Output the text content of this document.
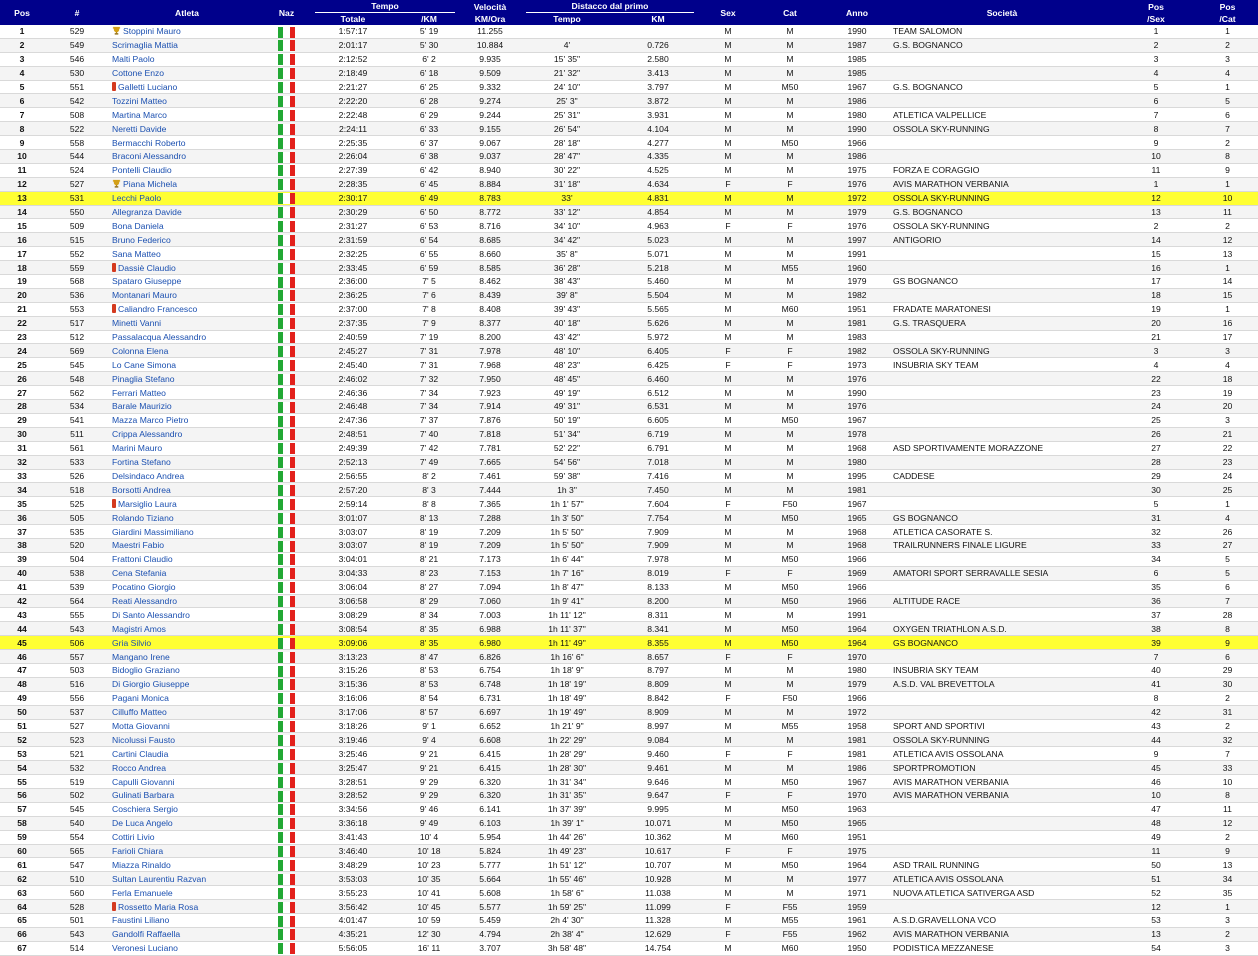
Pos	#	Atleta	Naz	Tempo		Velocità	Distacco dal primo		Sex	Cat	Anno	Società	Pos	Pos
				Totale	/KM	KM/Ora	Tempo	KM					/Sex	/Cat
1	529	Stoppini Mauro		1:57:17	5' 19	11.255			M	M	1990	TEAM SALOMON	1	1
2	549	Scrimaglia Mattia		2:01:17	5' 30	10.884	4'	0.726	M	M	1987	G.S. BOGNANCO	2	2
3	546	Malti Paolo		2:12:52	6' 2	9.935	15' 35"	2.580	M	M	1985		3	3
4	530	Cottone Enzo		2:18:49	6' 18	9.509	21' 32"	3.413	M	M	1985		4	4
5	551	Galletti Luciano		2:21:27	6' 25	9.332	24' 10"	3.797	M	M50	1967	G.S. BOGNANCO	5	1
6	542	Tozzini Matteo		2:22:20	6' 28	9.274	25' 3"	3.872	M	M	1986		6	5
7	508	Martina Marco		2:22:48	6' 29	9.244	25' 31"	3.931	M	M	1980	ATLETICA VALPELLICE	7	6
8	522	Neretti Davide		2:24:11	6' 33	9.155	26' 54"	4.104	M	M	1990	OSSOLA SKY-RUNNING	8	7
9	558	Bermacchi Roberto		2:25:35	6' 37	9.067	28' 18"	4.277	M	M50	1966		9	2
10	544	Braconi Alessandro		2:26:04	6' 38	9.037	28' 47"	4.335	M	M	1986		10	8
11	524	Pontelli Claudio		2:27:39	6' 42	8.940	30' 22"	4.525	M	M	1975	FORZA E CORAGGIO	11	9
12	527	Piana Michela		2:28:35	6' 45	8.884	31' 18"	4.634	F	F	1976	AVIS MARATHON VERBANIA	1	1
13	531	Lecchi Paolo		2:30:17	6' 49	8.783	33'	4.831	M	M	1972	OSSOLA SKY-RUNNING	12	10
14	550	Allegranza Davide		2:30:29	6' 50	8.772	33' 12"	4.854	M	M	1979	G.S. BOGNANCO	13	11
15	509	Bona Daniela		2:31:27	6' 53	8.716	34' 10"	4.963	F	F	1976	OSSOLA SKY-RUNNING	2	2
16	515	Bruno Federico		2:31:59	6' 54	8.685	34' 42"	5.023	M	M	1997	ANTIGORIO	14	12
17	552	Sana Matteo		2:32:25	6' 55	8.660	35' 8"	5.071	M	M	1991		15	13
18	559	Dassiè Claudio		2:33:45	6' 59	8.585	36' 28"	5.218	M	M55	1960		16	1
19	568	Spataro Giuseppe		2:36:00	7' 5	8.462	38' 43"	5.460	M	M	1979	GS BOGNANCO	17	14
20	536	Montanari Mauro		2:36:25	7' 6	8.439	39' 8"	5.504	M	M	1982		18	15
21	553	Caliandro Francesco		2:37:00	7' 8	8.408	39' 43"	5.565	M	M60	1951	FRADATE MARATONESI	19	1
22	517	Minetti Vanni		2:37:35	7' 9	8.377	40' 18"	5.626	M	M	1981	G.S. TRASQUERA	20	16
23	512	Passalacqua Alessandro		2:40:59	7' 19	8.200	43' 42"	5.972	M	M	1983		21	17
24	569	Colonna Elena		2:45:27	7' 31	7.978	48' 10"	6.405	F	F	1982	OSSOLA SKY-RUNNING	3	3
25	545	Lo Cane Simona		2:45:40	7' 31	7.968	48' 23"	6.425	F	F	1973	INSUBRIA SKY TEAM	4	4
26	548	Pinaglia Stefano		2:46:02	7' 32	7.950	48' 45"	6.460	M	M	1976		22	18
27	562	Ferrari Matteo		2:46:36	7' 34	7.923	49' 19"	6.512	M	M	1990		23	19
28	534	Barale Maurizio		2:46:48	7' 34	7.914	49' 31"	6.531	M	M	1976		24	20
29	541	Mazza Marco Pietro		2:47:36	7' 37	7.876	50' 19"	6.605	M	M50	1967		25	3
30	511	Crippa Alessandro		2:48:51	7' 40	7.818	51' 34"	6.719	M	M	1978		26	21
31	561	Marini Mauro		2:49:39	7' 42	7.781	52' 22"	6.791	M	M	1968	ASD SPORTIVAMENTE MORAZZONE	27	22
32	533	Fortina Stefano		2:52:13	7' 49	7.665	54' 56"	7.018	M	M	1980		28	23
33	526	Delsindaco Andrea		2:56:55	8' 2	7.461	59' 38"	7.416	M	M	1995	CADDESE	29	24
34	518	Borsotti Andrea		2:57:20	8' 3	7.444	1h 3"	7.450	M	M	1981		30	25
35	525	Marsiglio Laura		2:59:14	8' 8	7.365	1h 1' 57"	7.604	F	F50	1967		5	1
36	505	Rolando Tiziano		3:01:07	8' 13	7.288	1h 3' 50"	7.754	M	M50	1965	GS BOGNANCO	31	4
37	535	Giardini Massimiliano		3:03:07	8' 19	7.209	1h 5' 50"	7.909	M	M	1968	ATLETICA CASORATE S.	32	26
38	520	Maestri Fabio		3:03:07	8' 19	7.209	1h 5' 50"	7.909	M	M	1968	TRAILRUNNERS FINALE LIGURE	33	27
39	504	Frattoni Claudio		3:04:01	8' 21	7.173	1h 6' 44"	7.978	M	M50	1966		34	5
40	538	Cena Stefania		3:04:33	8' 23	7.153	1h 7' 16"	8.019	F	F	1969	AMATORI SPORT SERRAVALLE SESIA	6	5
41	539	Pocatino Giorgio		3:06:04	8' 27	7.094	1h 8' 47"	8.133	M	M50	1966		35	6
42	564	Reati Alessandro		3:06:58	8' 29	7.060	1h 9' 41"	8.200	M	M50	1966	ALTITUDE RACE	36	7
43	555	Di Santo Alessandro		3:08:29	8' 34	7.003	1h 11' 12"	8.311	M	M	1991		37	28
44	543	Magistri Amos		3:08:54	8' 35	6.988	1h 11' 37"	8.341	M	M50	1964	OXYGEN TRIATHLON A.S.D.	38	8
45	506	Gria Silvio		3:09:06	8' 35	6.980	1h 11' 49"	8.355	M	M50	1964	GS BOGNANCO	39	9
46	557	Mangano Irene		3:13:23	8' 47	6.826	1h 16' 6"	8.657	F	F	1970		7	6
47	503	Bidoglio Graziano		3:15:26	8' 53	6.754	1h 18' 9"	8.797	M	M	1980	INSUBRIA SKY TEAM	40	29
48	516	Di Giorgio Giuseppe		3:15:36	8' 53	6.748	1h 18' 19"	8.809	M	M	1979	A.S.D. VAL BREVETTOLA	41	30
49	556	Pagani Monica		3:16:06	8' 54	6.731	1h 18' 49"	8.842	F	F50	1966		8	2
50	537	Cilluffo Matteo		3:17:06	8' 57	6.697	1h 19' 49"	8.909	M	M	1972		42	31
51	527	Motta Giovanni		3:18:26	9' 1	6.652	1h 21' 9"	8.997	M	M55	1958	SPORT AND SPORTIVI	43	2
52	523	Nicolussi Fausto		3:19:46	9' 4	6.608	1h 22' 29"	9.084	M	M	1981	OSSOLA SKY-RUNNING	44	32
53	521	Cartini Claudia		3:25:46	9' 21	6.415	1h 28' 29"	9.460	F	F	1981	ATLETICA AVIS OSSOLANA	9	7
54	532	Rocco Andrea		3:25:47	9' 21	6.415	1h 28' 30"	9.461	M	M	1986	SPORTPROMOTION	45	33
55	519	Capulli Giovanni		3:28:51	9' 29	6.320	1h 31' 34"	9.646	M	M50	1967	AVIS MARATHON VERBANIA	46	10
56	502	Gulinati Barbara		3:28:52	9' 29	6.320	1h 31' 35"	9.647	F	F	1970	AVIS MARATHON VERBANIA	10	8
57	545	Coschiera Sergio		3:34:56	9' 46	6.141	1h 37' 39"	9.995	M	M50	1963		47	11
58	540	De Luca Angelo		3:36:18	9' 49	6.103	1h 39' 1"	10.071	M	M50	1965		48	12
59	554	Cottiri Livio		3:41:43	10' 4	5.954	1h 44' 26"	10.362	M	M60	1951		49	2
60	565	Farioli Chiara		3:46:40	10' 18	5.824	1h 49' 23"	10.617	F	F	1975		11	9
61	547	Miazza Rinaldo		3:48:29	10' 23	5.777	1h 51' 12"	10.707	M	M50	1964	ASD TRAIL RUNNING	50	13
62	510	Sultan Laurentiu Razvan		3:53:03	10' 35	5.664	1h 55' 46"	10.928	M	M	1977	ATLETICA AVIS OSSOLANA	51	34
63	560	Ferla Emanuele		3:55:23	10' 41	5.608	1h 58' 6"	11.038	M	M	1971	NUOVA ATLETICA SATIVERGA ASD	52	35
64	528	Rossetto Maria Rosa		3:56:42	10' 45	5.577	1h 59' 25"	11.099	F	F55	1959		12	1
65	501	Faustini Liliano		4:01:47	10' 59	5.459	2h 4' 30"	11.328	M	M55	1961	A.S.D.GRAVELLONA VCO	53	3
66	543	Gandolfi Raffaella		4:35:21	12' 30	4.794	2h 38' 4"	12.629	F	F55	1962	AVIS MARATHON VERBANIA	13	2
67	514	Veronesi Luciano		5:56:05	16' 11	3.707	3h 58' 48"	14.754	M	M60	1950	PODISTICA MEZZANESE	54	3
